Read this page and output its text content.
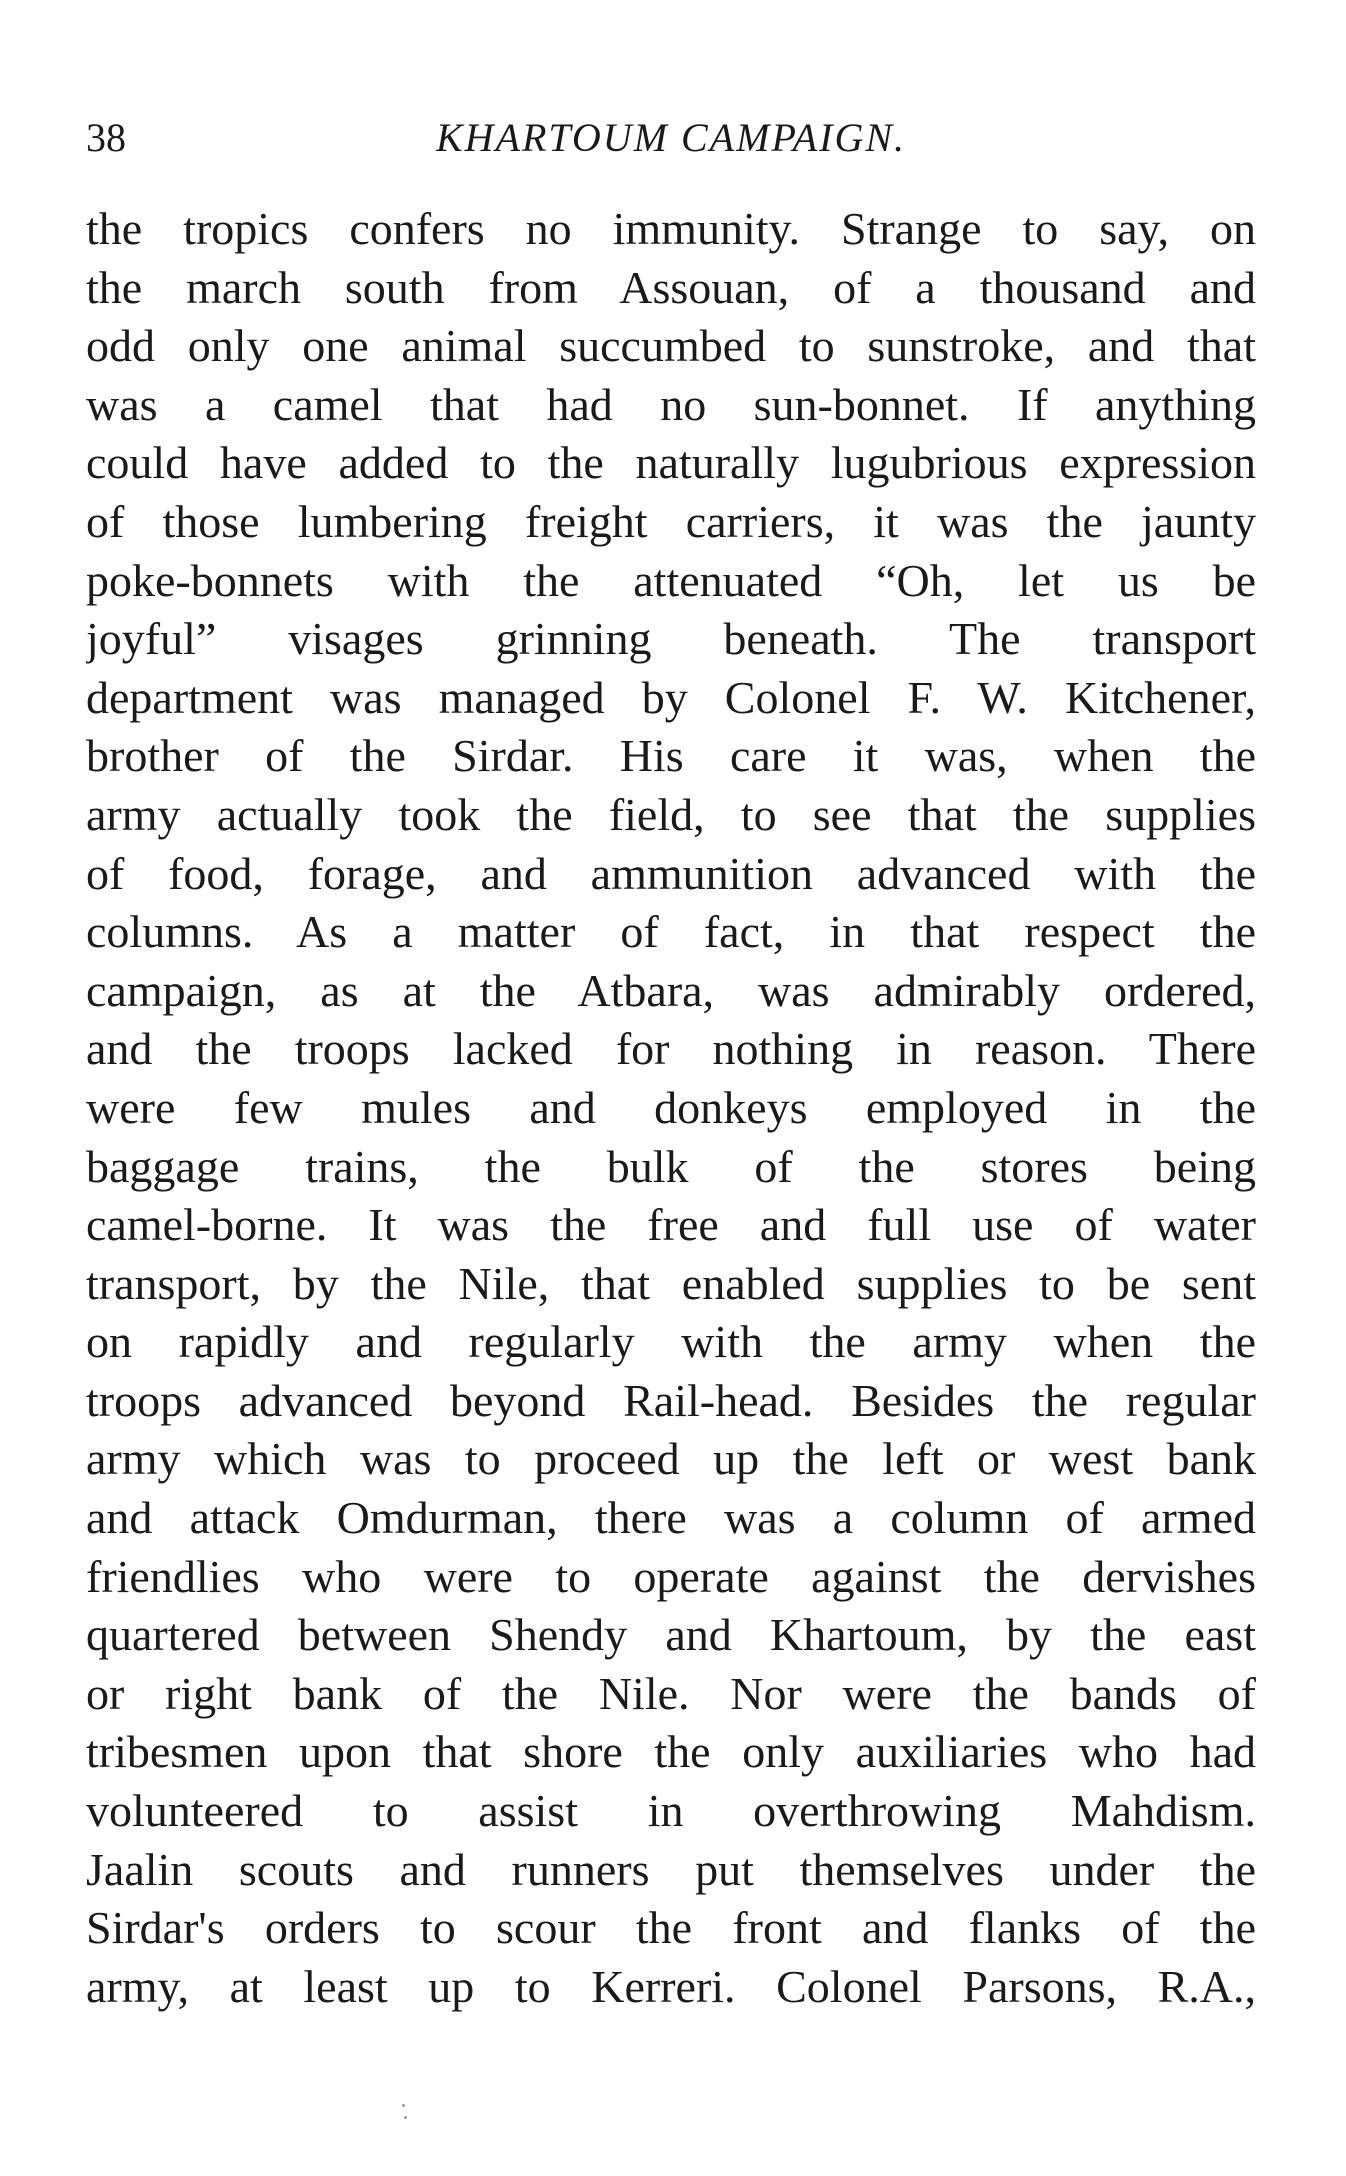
38	KHARTOUM CAMPAIGN.
the tropics confers no immunity. Strange to say, on
the march south from Assouan, of a thousand and
odd only one animal succumbed to sunstroke, and that
was a camel that had no sun-bonnet. If anything
could have added to the naturally lugubrious expression
of those lumbering freight carriers, it was the jaunty
poke-bonnets with the attenuated “Oh, let us be
joyful” visages grinning beneath. The transport
department was managed by Colonel F. W. Kitchener,
brother of the Sirdar. His care it was, when the
army actually took the field, to see that the supplies
of food, forage, and ammunition advanced with the
columns. As a matter of fact, in that respect the
campaign, as at the Atbara, was admirably ordered,
and the troops lacked for nothing in reason. There
were few mules and donkeys employed in the
baggage trains, the bulk of the stores being
camel-borne. It was the free and full use of water
transport, by the Nile, that enabled supplies to be sent
on rapidly and regularly with the army when the
troops advanced beyond Rail-head. Besides the regular
army which was to proceed up the left or west bank
and attack Omdurman, there was a column of armed
friendlies who were to operate against the dervishes
quartered between Shendy and Khartoum, by the east
or right bank of the Nile. Nor were the bands of
tribesmen upon that shore the only auxiliaries who had
volunteered to assist in overthrowing Mahdism.
Jaalin scouts and runners put themselves under the
Sirdar's orders to scour the front and flanks of the
army, at least up to Kerreri. Colonel Parsons, R.A.,
